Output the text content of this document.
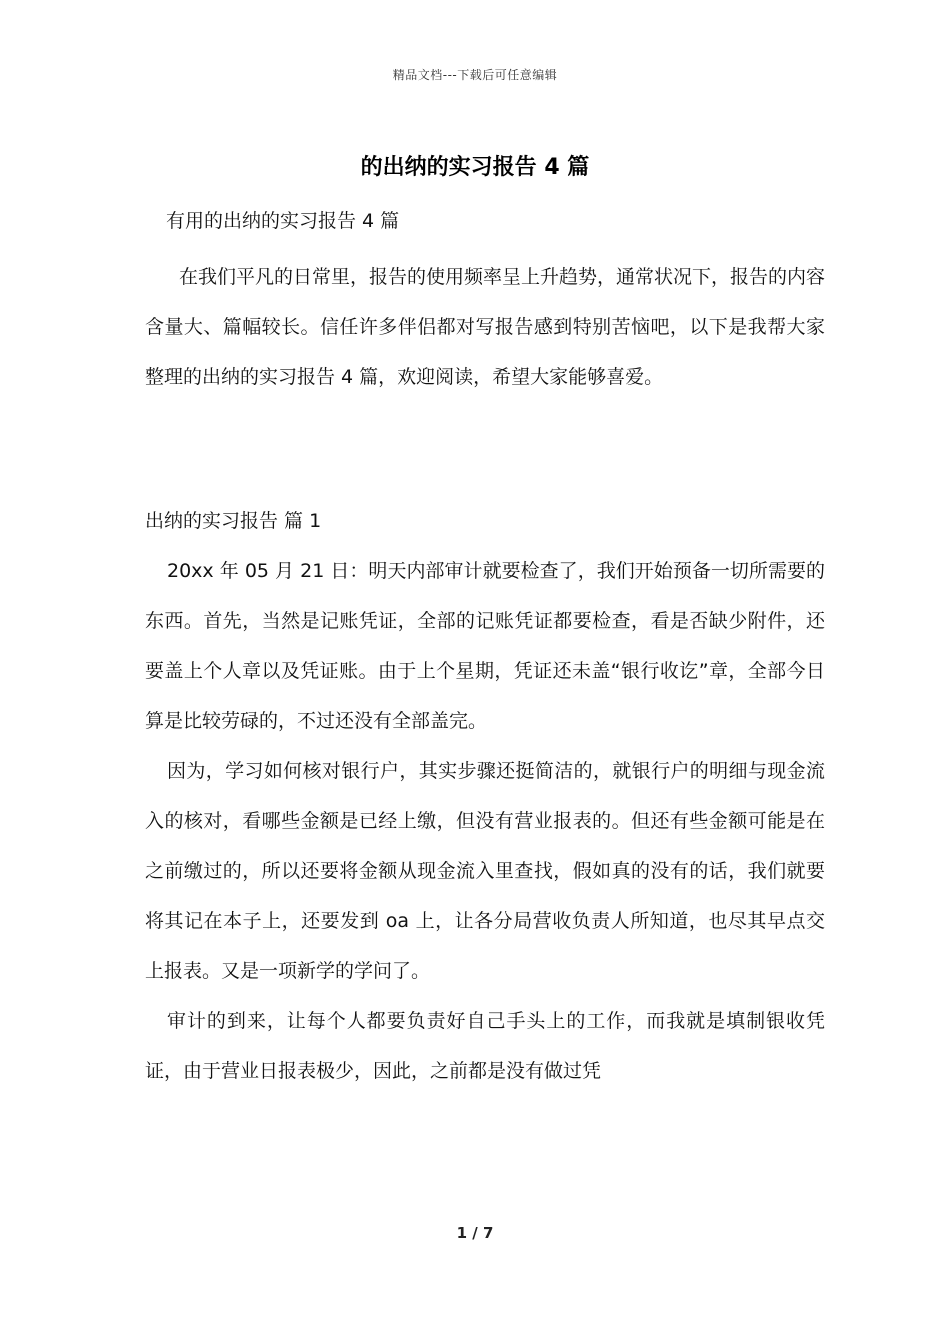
精品文档---下载后可任意编辑
的出纳的实习报告 4 篇
有用的出纳的实习报告 4 篇

在我们平凡的日常里，报告的使用频率呈上升趋势，通常状况下，报告的内容含量大、篇幅较长。信任许多伴侣都对写报告感到特别苦恼吧，以下是我帮大家整理的出纳的实习报告 4 篇，欢迎阅读，希望大家能够喜爱。

出纳的实习报告 篇 1

20xx 年 05 月 21 日：明天内部审计就要检查了，我们开始预备一切所需要的东西。首先，当然是记账凭证，全部的记账凭证都要检查，看是否缺少附件，还要盖上个人章以及凭证账。由于上个星期，凭证还未盖“银行收讫”章，全部今日算是比较劳碌的，不过还没有全部盖完。

因为，学习如何核对银行户，其实步骤还挺简洁的，就银行户的明细与现金流入的核对，看哪些金额是已经上缴，但没有营业报表的。但还有些金额可能是在之前缴过的，所以还要将金额从现金流入里查找，假如真的没有的话，我们就要将其记在本子上，还要发到 oa 上，让各分局营收负责人所知道，也尽其早点交上报表。又是一项新学的学问了。

审计的到来，让每个人都要负责好自己手头上的工作，而我就是填制银收凭证，由于营业日报表极少，因此，之前都是没有做过凭

1 / 7
